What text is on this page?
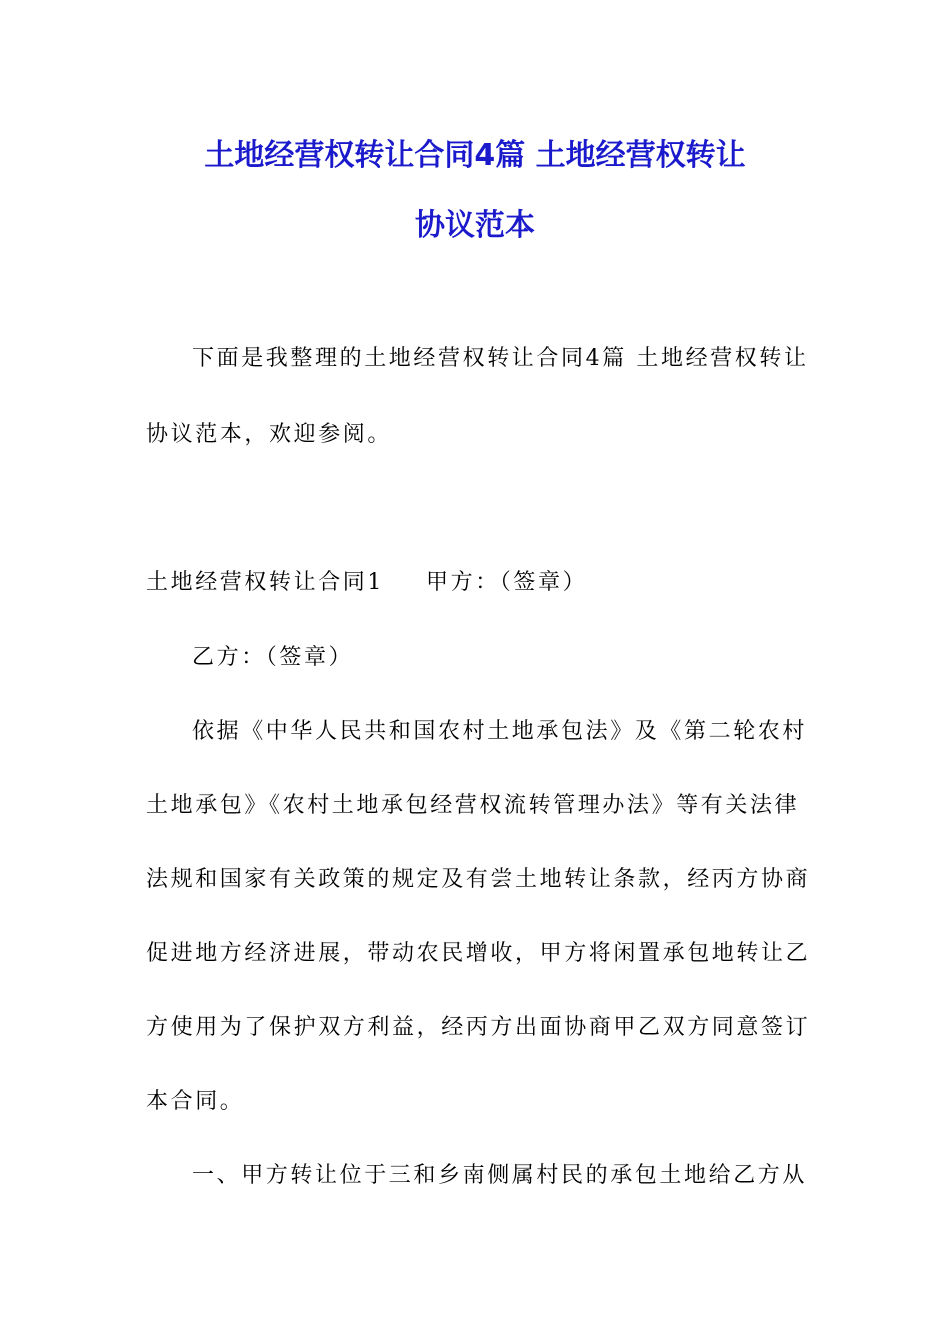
土地经营权转让合同4篇 土地经营权转让
协议范本
下面是我整理的土地经营权转让合同4篇 土地经营权转让
协议范本，欢迎参阅。
土地经营权转让合同1 甲方：（签章）
乙方：（签章）
依据《中华人民共和国农村土地承包法》及《第二轮农村
土地承包》《农村土地承包经营权流转管理办法》等有关法律
法规和国家有关政策的规定及有尝土地转让条款，经丙方协商
促进地方经济进展，带动农民增收，甲方将闲置承包地转让乙
方使用为了保护双方利益，经丙方出面协商甲乙双方同意签订
本合同。
一、甲方转让位于三和乡南侧属村民的承包土地给乙方从
